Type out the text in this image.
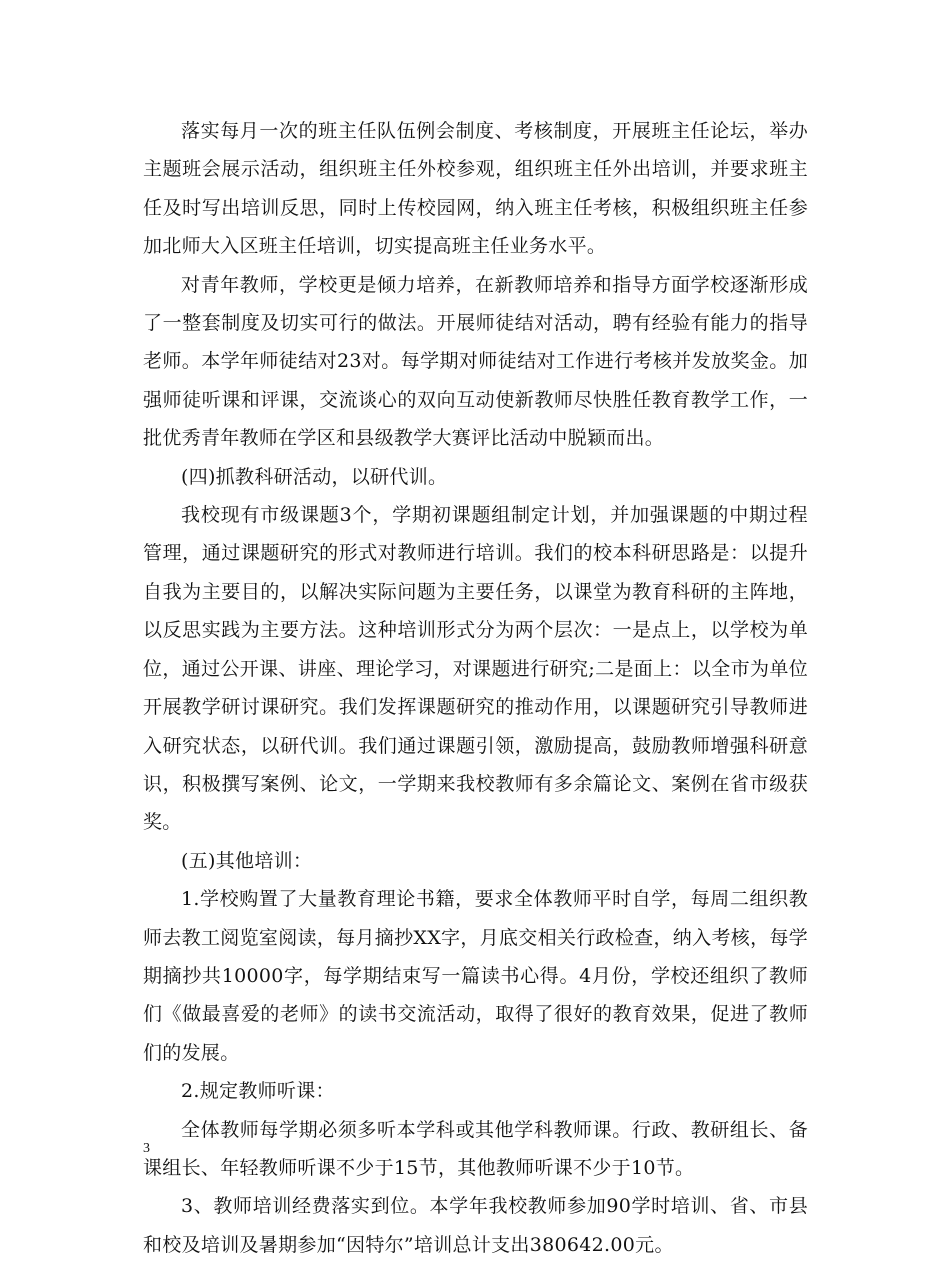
落实每月一次的班主任队伍例会制度、考核制度，开展班主任论坛，举办主题班会展示活动，组织班主任外校参观，组织班主任外出培训，并要求班主任及时写出培训反思，同时上传校园网，纳入班主任考核，积极组织班主任参加北师大入区班主任培训，切实提高班主任业务水平。

对青年教师，学校更是倾力培养，在新教师培养和指导方面学校逐渐形成了一整套制度及切实可行的做法。开展师徒结对活动，聘有经验有能力的指导老师。本学年师徒结对23对。每学期对师徒结对工作进行考核并发放奖金。加强师徒听课和评课，交流谈心的双向互动使新教师尽快胜任教育教学工作，一批优秀青年教师在学区和县级教学大赛评比活动中脱颖而出。

(四)抓教科研活动，以研代训。

我校现有市级课题3个，学期初课题组制定计划，并加强课题的中期过程管理，通过课题研究的形式对教师进行培训。我们的校本科研思路是：以提升自我为主要目的，以解决实际问题为主要任务，以课堂为教育科研的主阵地，以反思实践为主要方法。这种培训形式分为两个层次：一是点上，以学校为单位，通过公开课、讲座、理论学习，对课题进行研究;二是面上：以全市为单位开展教学研讨课研究。我们发挥课题研究的推动作用，以课题研究引导教师进入研究状态，以研代训。我们通过课题引领，激励提高，鼓励教师增强科研意识，积极撰写案例、论文，一学期来我校教师有多余篇论文、案例在省市级获奖。

(五)其他培训：

1.学校购置了大量教育理论书籍，要求全体教师平时自学，每周二组织教师去教工阅览室阅读，每月摘抄XX字，月底交相关行政检查，纳入考核，每学期摘抄共10000字，每学期结束写一篇读书心得。4月份，学校还组织了教师们《做最喜爱的老师》的读书交流活动，取得了很好的教育效果，促进了教师们的发展。

2.规定教师听课：

全体教师每学期必须多听本学科或其他学科教师课。行政、教研组长、备课组长、年轻教师听课不少于15节，其他教师听课不少于10节。

3、教师培训经费落实到位。本学年我校教师参加90学时培训、省、市县和校及培训及暑期参加“因特尔”培训总计支出380642.00元。

3
